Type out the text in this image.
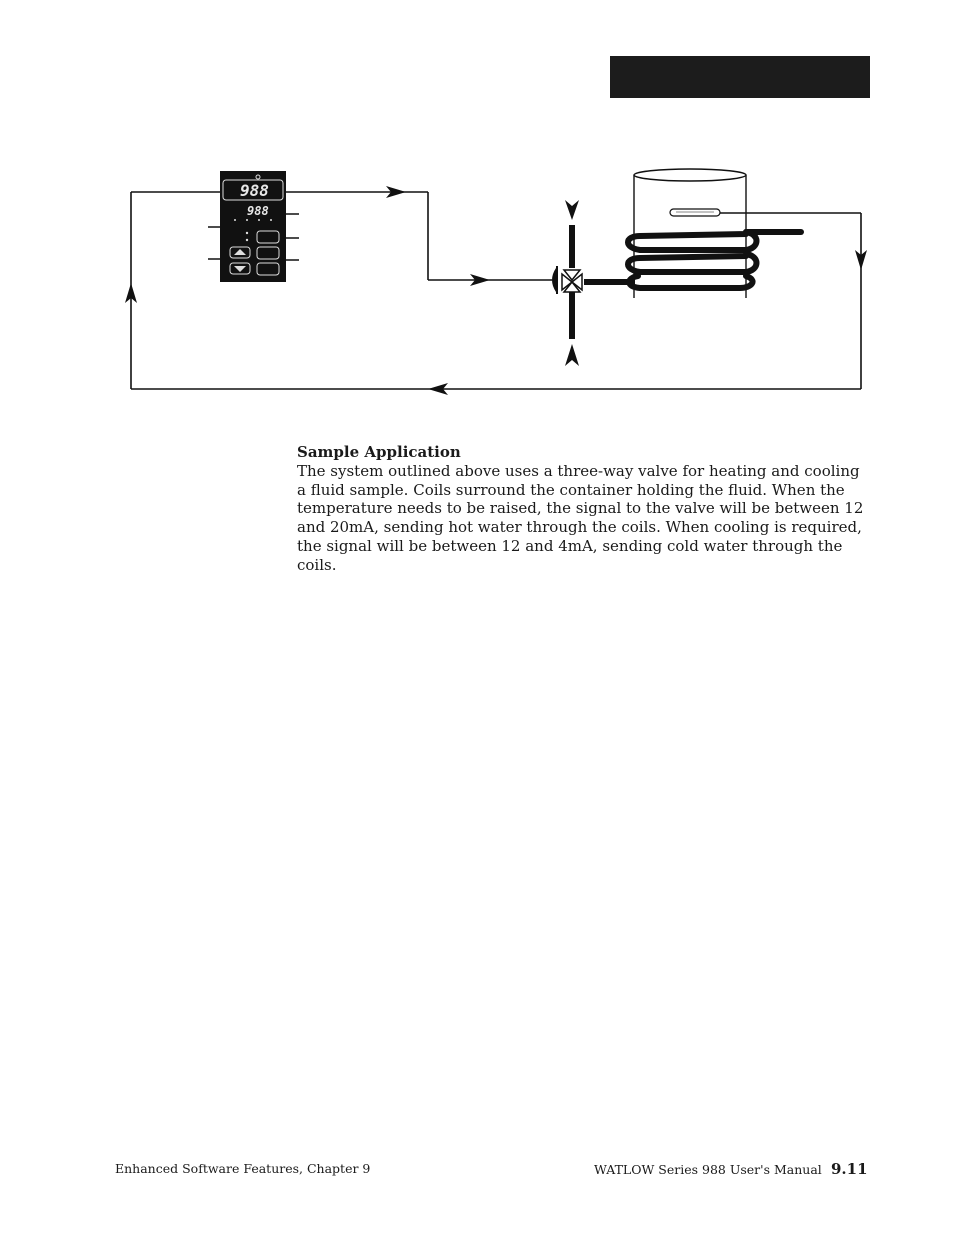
988
988
Sample Application
The system outlined above uses a three-way valve for heating and cooling a fluid sample. Coils surround the container holding the fluid. When the temperature needs to be raised, the signal to the valve will be between 12 and 20mA, sending hot water through the coils. When cooling is required, the signal will be between 12 and 4mA, sending cold water through the coils.
Enhanced Software Features, Chapter 9	WATLOW Series 988 User's Manual 9.11
